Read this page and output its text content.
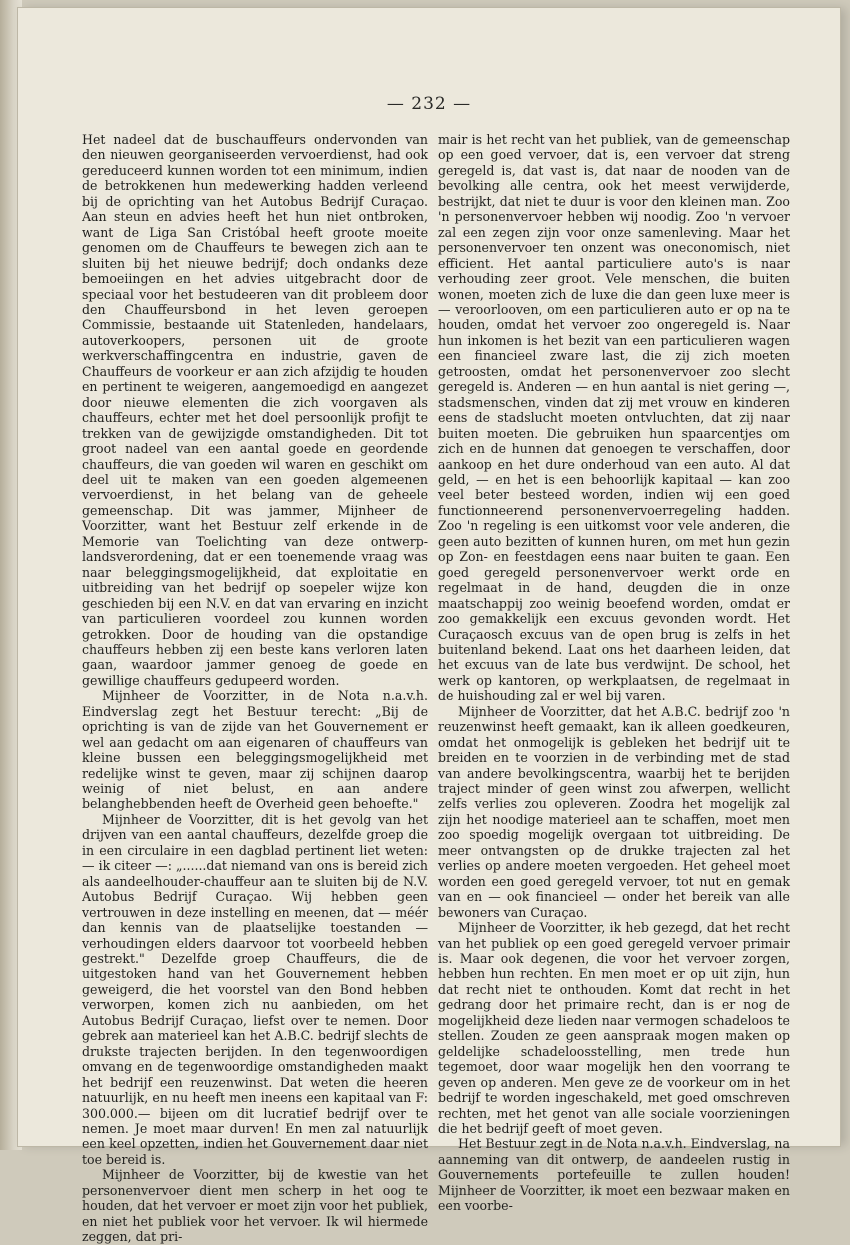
— 232 —

Het nadeel dat de buschauffeurs ondervonden van den nieuwen georganiseerden vervoerdienst, had ook gereduceerd kunnen worden tot een minimum, indien de betrokkenen hun medewerking hadden verleend bij de oprichting van het Autobus Bedrijf Curaçao. Aan steun en advies heeft het hun niet ontbroken, want de Liga San Cristóbal heeft groote moeite genomen om de Chauffeurs te bewegen zich aan te sluiten bij het nieuwe bedrijf; doch ondanks deze bemoeiingen en het advies uitgebracht door de speciaal voor het bestudeeren van dit probleem door den Chauffeursbond in het leven geroepen Commissie, bestaande uit Statenleden, handelaars, autoverkoopers, personen uit de groote werkverschaffingcentra en industrie, gaven de Chauffeurs de voorkeur er aan zich afzijdig te houden en pertinent te weigeren, aangemoedigd en aangezet door nieuwe elementen die zich voorgaven als chauffeurs, echter met het doel persoonlijk profijt te trekken van de gewijzigde omstandigheden. Dit tot groot nadeel van een aantal goede en geordende chauffeurs, die van goeden wil waren en geschikt om deel uit te maken van een goeden algemeenen vervoerdienst, in het belang van de geheele gemeenschap. Dit was jammer, Mijnheer de Voorzitter, want het Bestuur zelf erkende in de Memorie van Toelichting van deze ontwerp-landsverordening, dat er een toenemende vraag was naar beleggingsmogelijkheid, dat exploitatie en uitbreiding van het bedrijf op soepeler wijze kon geschieden bij een N.V. en dat van ervaring en inzicht van particulieren voordeel zou kunnen worden getrokken. Door de houding van die opstandige chauffeurs hebben zij een beste kans verloren laten gaan, waardoor jammer genoeg de goede en gewillige chauffeurs gedupeerd worden.

Mijnheer de Voorzitter, in de Nota n.a.v.h. Eindverslag zegt het Bestuur terecht: „Bij de oprichting is van de zijde van het Gouvernement er wel aan gedacht om aan eigenaren of chauffeurs van kleine bussen een beleggingsmogelijkheid met redelijke winst te geven, maar zij schijnen daarop weinig of niet belust, en aan andere belanghebbenden heeft de Overheid geen behoefte."

Mijnheer de Voorzitter, dit is het gevolg van het drijven van een aantal chauffeurs, dezelfde groep die in een circulaire in een dagblad pertinent liet weten: — ik citeer —: „......dat niemand van ons is bereid zich als aandeelhouder-chauffeur aan te sluiten bij de N.V. Autobus Bedrijf Curaçao. Wij hebben geen vertrouwen in deze instelling en meenen, dat — méér dan kennis van de plaatselijke toestanden — verhoudingen elders daarvoor tot voorbeeld hebben gestrekt." Dezelfde groep Chauffeurs, die de uitgestoken hand van het Gouvernement hebben geweigerd, die het voorstel van den Bond hebben verworpen, komen zich nu aanbieden, om het Autobus Bedrijf Curaçao, liefst over te nemen. Door gebrek aan materieel kan het A.B.C. bedrijf slechts de drukste trajecten berijden. In den tegenwoordigen omvang en de tegenwoordige omstandigheden maakt het bedrijf een reuzenwinst. Dat weten die heeren natuurlijk, en nu heeft men ineens een kapitaal van F: 300.000.— bijeen om dit lucratief bedrijf over te nemen. Je moet maar durven! En men zal natuurlijk een keel opzetten, indien het Gouvernement daar niet toe bereid is.

Mijnheer de Voorzitter, bij de kwestie van het personenvervoer dient men scherp in het oog te houden, dat het vervoer er moet zijn voor het publiek, en niet het publiek voor het vervoer. Ik wil hiermede zeggen, dat pri-

mair is het recht van het publiek, van de gemeenschap op een goed vervoer, dat is, een vervoer dat streng geregeld is, dat vast is, dat naar de nooden van de bevolking alle centra, ook het meest verwijderde, bestrijkt, dat niet te duur is voor den kleinen man. Zoo 'n personenvervoer hebben wij noodig. Zoo 'n vervoer zal een zegen zijn voor onze samenleving. Maar het personenvervoer ten onzent was oneconomisch, niet efficient. Het aantal particuliere auto's is naar verhouding zeer groot. Vele menschen, die buiten wonen, moeten zich de luxe die dan geen luxe meer is — veroorlooven, om een particulieren auto er op na te houden, omdat het vervoer zoo ongeregeld is. Naar hun inkomen is het bezit van een particulieren wagen een financieel zware last, die zij zich moeten getroosten, omdat het personenvervoer zoo slecht geregeld is. Anderen — en hun aantal is niet gering —, stadsmenschen, vinden dat zij met vrouw en kinderen eens de stadslucht moeten ontvluchten, dat zij naar buiten moeten. Die gebruiken hun spaarcentjes om zich en de hunnen dat genoegen te verschaffen, door aankoop en het dure onderhoud van een auto. Al dat geld, — en het is een behoorlijk kapitaal — kan zoo veel beter besteed worden, indien wij een goed functionneerend personenvervoerregeling hadden. Zoo 'n regeling is een uitkomst voor vele anderen, die geen auto bezitten of kunnen huren, om met hun gezin op Zon- en feestdagen eens naar buiten te gaan. Een goed geregeld personenvervoer werkt orde en regelmaat in de hand, deugden die in onze maatschappij zoo weinig beoefend worden, omdat er zoo gemakkelijk een excuus gevonden wordt. Het Curaçaosch excuus van de open brug is zelfs in het buitenland bekend. Laat ons het daarheen leiden, dat het excuus van de late bus verdwijnt. De school, het werk op kantoren, op werkplaatsen, de regelmaat in de huishouding zal er wel bij varen.

Mijnheer de Voorzitter, dat het A.B.C. bedrijf zoo 'n reuzenwinst heeft gemaakt, kan ik alleen goedkeuren, omdat het onmogelijk is gebleken het bedrijf uit te breiden en te voorzien in de verbinding met de stad van andere bevolkingscentra, waarbij het te berijden traject minder of geen winst zou afwerpen, wellicht zelfs verlies zou opleveren. Zoodra het mogelijk zal zijn het noodige materieel aan te schaffen, moet men zoo spoedig mogelijk overgaan tot uitbreiding. De meer ontvangsten op de drukke trajecten zal het verlies op andere moeten vergoeden. Het geheel moet worden een goed geregeld vervoer, tot nut en gemak van en — ook financieel — onder het bereik van alle bewoners van Curaçao.

Mijnheer de Voorzitter, ik heb gezegd, dat het recht van het publiek op een goed geregeld vervoer primair is. Maar ook degenen, die voor het vervoer zorgen, hebben hun rechten. En men moet er op uit zijn, hun dat recht niet te onthouden. Komt dat recht in het gedrang door het primaire recht, dan is er nog de mogelijkheid deze lieden naar vermogen schadeloos te stellen. Zouden ze geen aanspraak mogen maken op geldelijke schadeloosstelling, men trede hun tegemoet, door waar mogelijk hen den voorrang te geven op anderen. Men geve ze de voorkeur om in het bedrijf te worden ingeschakeld, met goed omschreven rechten, met het genot van alle sociale voorzieningen die het bedrijf geeft of moet geven.

Het Bestuur zegt in de Nota n.a.v.h. Eindverslag, na aanneming van dit ontwerp, de aandeelen rustig in Gouvernements portefeuille te zullen houden! Mijnheer de Voorzitter, ik moet een bezwaar maken en een voorbe-
